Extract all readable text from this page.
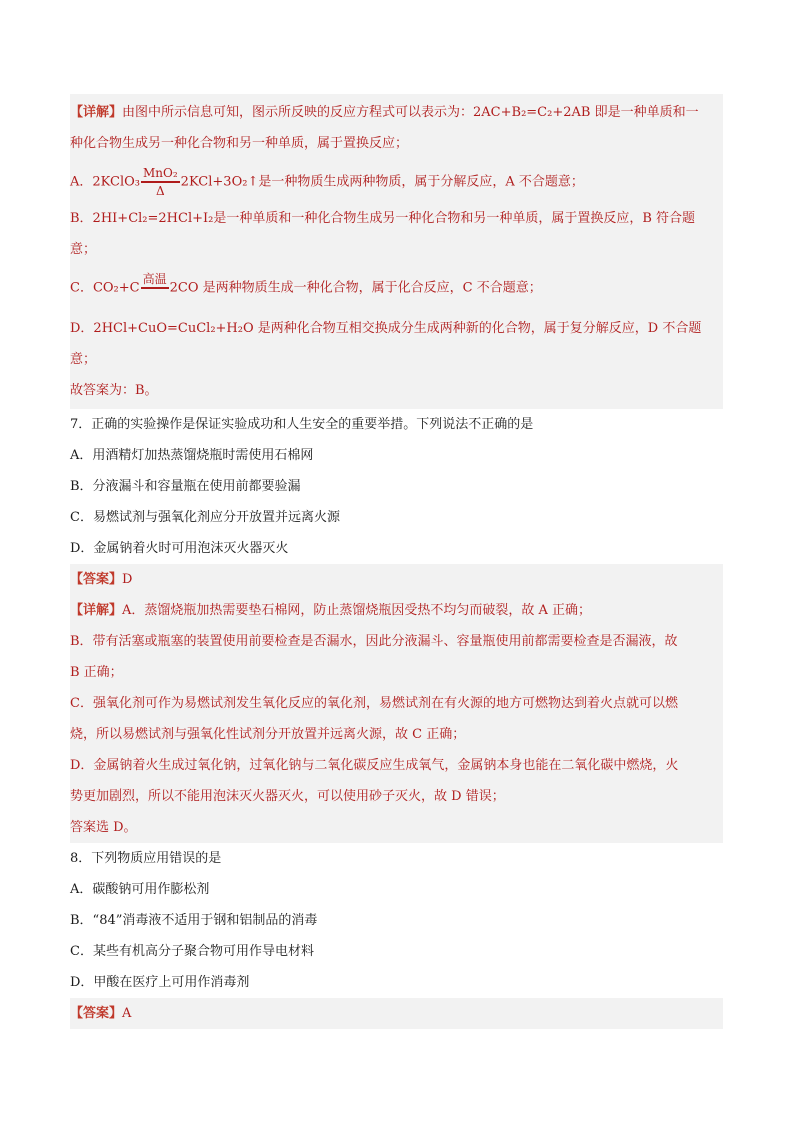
【详解】由图中所示信息可知，图示所反映的反应方程式可以表示为：2AC+B₂=C₂+2AB 即是一种单质和一
种化合物生成另一种化合物和另一种单质，属于置换反应；
A．2KClO₃ $\frac{\text{MnO₂}}{\Delta}$ 2KCl+3O₂↑是一种物质生成两种物质，属于分解反应，A 不合题意；
B．2HI+Cl₂=2HCl+I₂是一种单质和一种化合物生成另一种化合物和另一种单质，属于置换反应，B 符合题
意；
C．CO₂+C
高温

2CO 是两种物质生成一种化合物，属于化合反应，C 不合题意；
D．2HCl+CuO=CuCl₂+H₂O 是两种化合物互相交换成分生成两种新的化合物，属于复分解反应，D 不合题意；
故答案为：B。
7．正确的实验操作是保证实验成功和人生安全的重要举措。下列说法不正确的是
A．用酒精灯加热蒸馏烧瓶时需使用石棉网
B．分液漏斗和容量瓶在使用前都要验漏
C．易燃试剂与强氧化剂应分开放置并远离火源
D．金属钠着火时可用泡沫灭火器灭火
【答案】D
【详解】A．蒸馏烧瓶加热需要垫石棉网，防止蒸馏烧瓶因受热不均匀而破裂，故 A 正确；
B．带有活塞或瓶塞的装置使用前要检查是否漏水，因此分液漏斗、容量瓶使用前都需要检查是否漏液，故
B 正确；
C．强氧化剂可作为易燃试剂发生氧化反应的氧化剂，易燃试剂在有火源的地方可燃物达到着火点就可以燃
烧，所以易燃试剂与强氧化性试剂分开放置并远离火源，故 C 正确；
D．金属钠着火生成过氧化钠，过氧化钠与二氧化碳反应生成氧气，金属钠本身也能在二氧化碳中燃烧，火
势更加剧烈，所以不能用泡沫灭火器灭火，可以使用砂子灭火，故 D 错误；
答案选 D。
8．下列物质应用错误的是
A．碳酸钠可用作膨松剂
B．“84”消毒液不适用于钢和铝制品的消毒
C．某些有机高分子聚合物可用作导电材料
D．甲酸在医疗上可用作消毒剂
【答案】A
